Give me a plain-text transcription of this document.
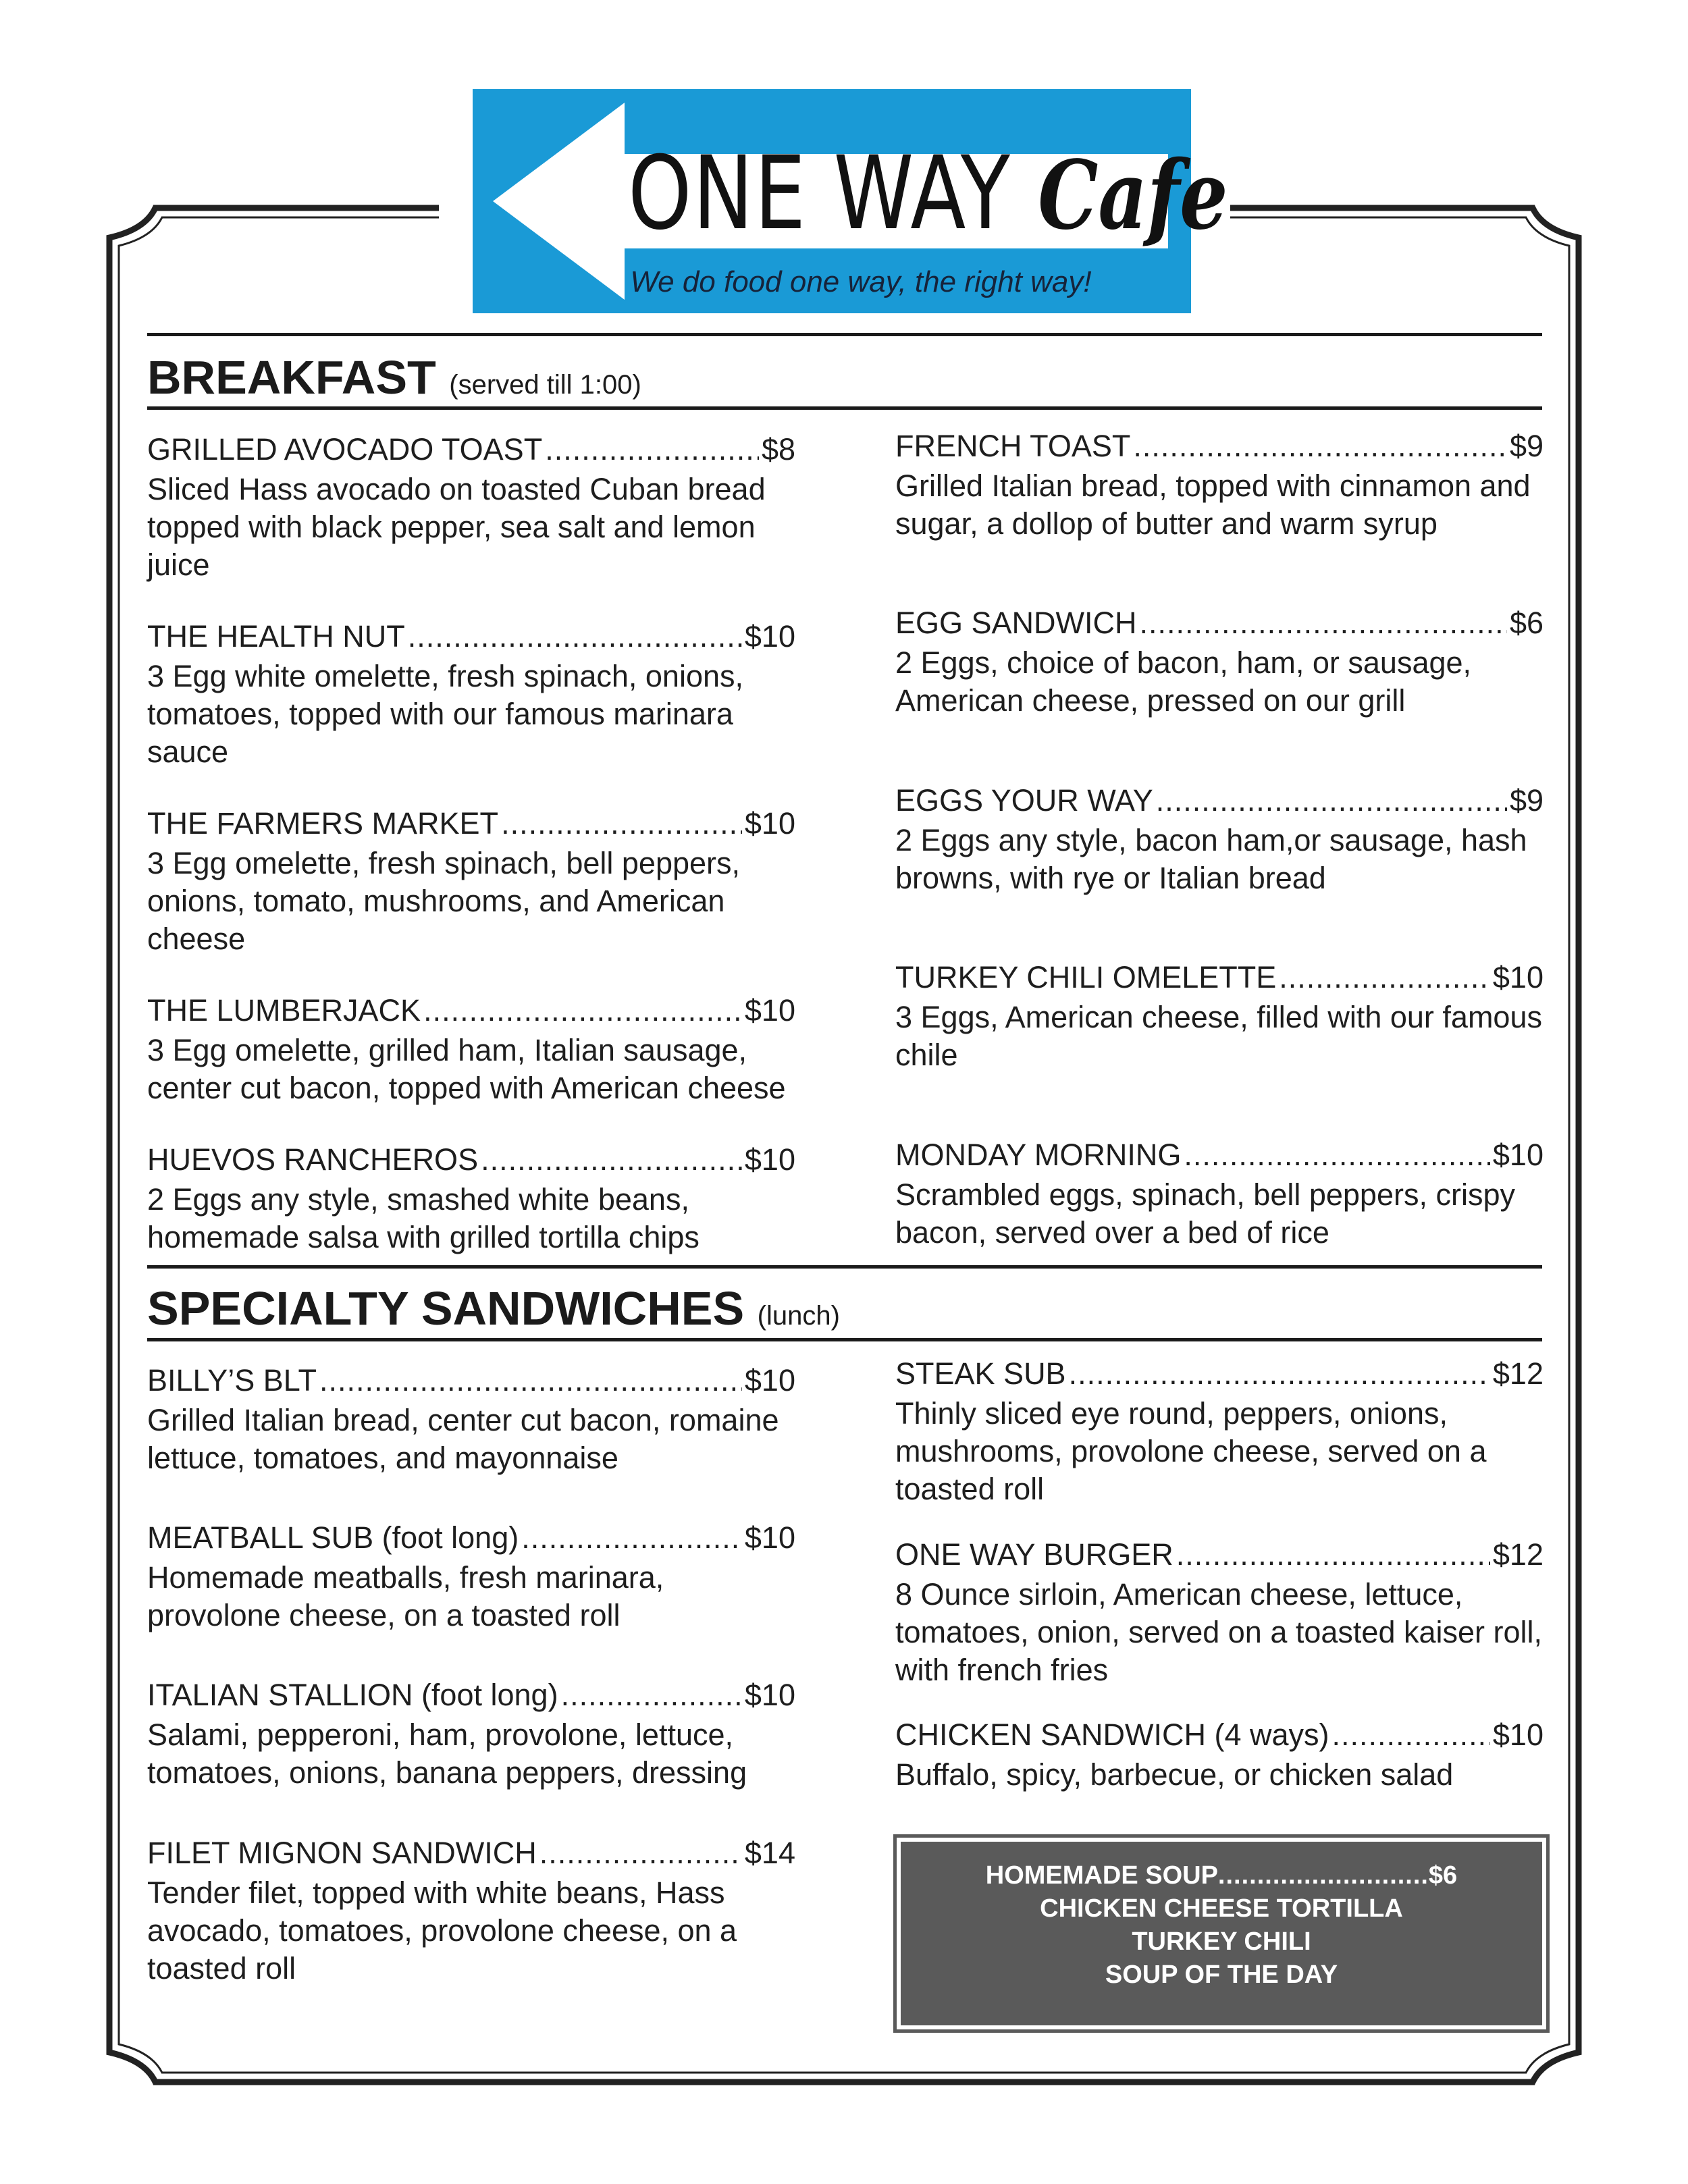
ONE WAY Cafe
We do food one way, the right way!
BREAKFAST (served till 1:00)
GRILLED AVOCADO TOAST .....	$8
Sliced Hass avocado on toasted Cuban bread topped with black pepper, sea salt and lemon juice
THE HEALTH NUT .....	$10
3 Egg white omelette, fresh spinach, onions, tomatoes, topped with our famous marinara sauce
THE FARMERS MARKET .....	$10
3 Egg omelette, fresh spinach, bell peppers, onions, tomato, mushrooms, and American cheese
THE LUMBERJACK .....	$10
3 Egg omelette, grilled ham, Italian sausage, center cut bacon, topped with American cheese
HUEVOS RANCHEROS .....	$10
2 Eggs any style, smashed white beans, homemade salsa with grilled tortilla chips
FRENCH TOAST .....	$9
Grilled Italian bread, topped with cinnamon and sugar, a dollop of butter and warm syrup
EGG SANDWICH .....	$6
2 Eggs, choice of bacon, ham, or sausage, American cheese, pressed on our grill
EGGS YOUR WAY .....	$9
2 Eggs any style, bacon ham,or sausage, hash browns, with rye or Italian bread
TURKEY CHILI OMELETTE .....	$10
3 Eggs, American cheese, filled with our famous chile
MONDAY MORNING .....	$10
Scrambled eggs, spinach, bell peppers, crispy bacon, served over a bed of rice
SPECIALTY SANDWICHES (lunch)
BILLY’S BLT .....	$10
Grilled Italian bread, center cut bacon, romaine lettuce, tomatoes, and mayonnaise
MEATBALL SUB (foot long) .....	$10
Homemade meatballs, fresh marinara, provolone cheese, on a toasted roll
ITALIAN STALLION (foot long) .....	$10
Salami, pepperoni, ham, provolone, lettuce, tomatoes, onions, banana peppers, dressing
FILET MIGNON SANDWICH .....	$14
Tender filet, topped with white beans, Hass avocado, tomatoes, provolone cheese, on a toasted roll
STEAK SUB .....	$12
Thinly sliced eye round, peppers, onions, mushrooms, provolone cheese, served on a toasted roll
ONE WAY BURGER .....	$12
8 Ounce sirloin, American cheese, lettuce, tomatoes, onion, served on a toasted kaiser roll, with french fries
CHICKEN SANDWICH (4 ways) .....	$10
Buffalo, spicy, barbecue, or chicken salad
HOMEMADE SOUP .....	$6
CHICKEN CHEESE TORTILLA
TURKEY CHILI
SOUP OF THE DAY
